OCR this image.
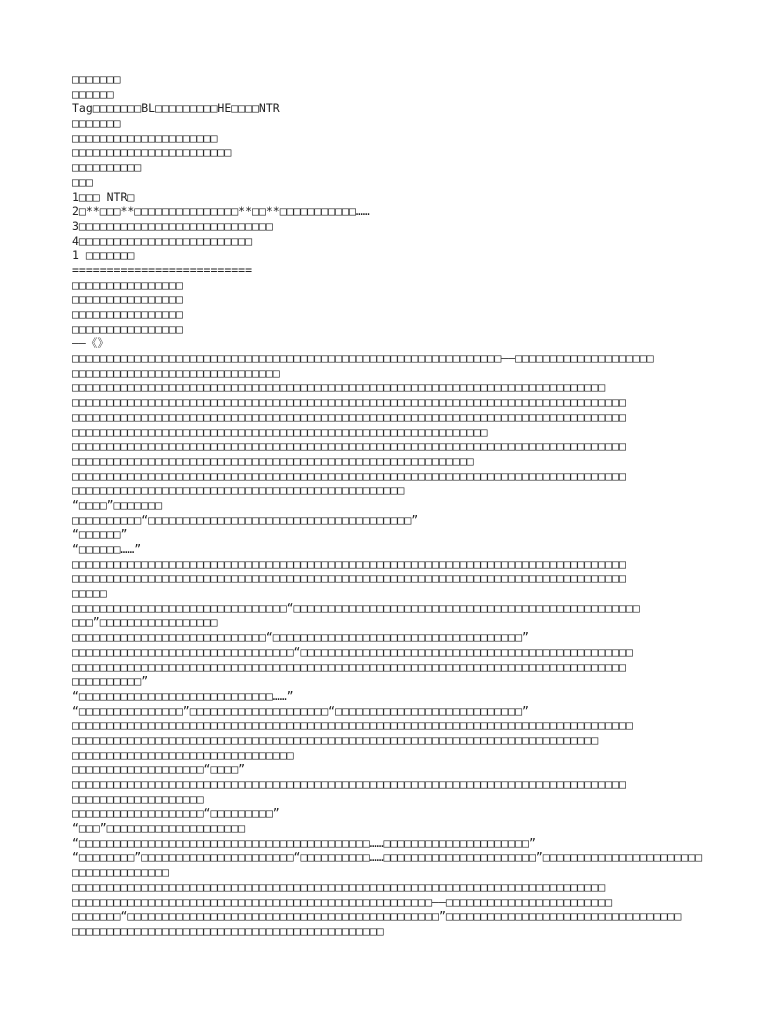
□□□□□□□
□□□□□□
Tag□□□□□□□BL□□□□□□□□□HE□□□□NTR
□□□□□□□
□□□□□□□□□□□□□□□□□□□□□
□□□□□□□□□□□□□□□□□□□□□□□
□□□□□□□□□□
□□□
1□□□ NTR□
2□**□□□**□□□□□□□□□□□□□□□**□□**□□□□□□□□□□□……
3□□□□□□□□□□□□□□□□□□□□□□□□□□□□
4□□□□□□□□□□□□□□□□□□□□□□□□□
1 □□□□□□□
==========================
□□□□□□□□□□□□□□□□
□□□□□□□□□□□□□□□□
□□□□□□□□□□□□□□□□
□□□□□□□□□□□□□□□□
——《》
□□□□□□□□□□□□□□□□□□□□□□□□□□□□□□□□□□□□□□□□□□□□□□□□□□□□□□□□□□□□□□——□□□□□□□□□□□□□□□□□□□□
□□□□□□□□□□□□□□□□□□□□□□□□□□□□□□
□□□□□□□□□□□□□□□□□□□□□□□□□□□□□□□□□□□□□□□□□□□□□□□□□□□□□□□□□□□□□□□□□□□□□□□□□□□□□
□□□□□□□□□□□□□□□□□□□□□□□□□□□□□□□□□□□□□□□□□□□□□□□□□□□□□□□□□□□□□□□□□□□□□□□□□□□□□□□□
□□□□□□□□□□□□□□□□□□□□□□□□□□□□□□□□□□□□□□□□□□□□□□□□□□□□□□□□□□□□□□□□□□□□□□□□□□□□□□□□
□□□□□□□□□□□□□□□□□□□□□□□□□□□□□□□□□□□□□□□□□□□□□□□□□□□□□□□□□□□□
□□□□□□□□□□□□□□□□□□□□□□□□□□□□□□□□□□□□□□□□□□□□□□□□□□□□□□□□□□□□□□□□□□□□□□□□□□□□□□□□
□□□□□□□□□□□□□□□□□□□□□□□□□□□□□□□□□□□□□□□□□□□□□□□□□□□□□□□□□□
□□□□□□□□□□□□□□□□□□□□□□□□□□□□□□□□□□□□□□□□□□□□□□□□□□□□□□□□□□□□□□□□□□□□□□□□□□□□□□□□
□□□□□□□□□□□□□□□□□□□□□□□□□□□□□□□□□□□□□□□□□□□□□□□□
“□□□□”□□□□□□□
□□□□□□□□□□“□□□□□□□□□□□□□□□□□□□□□□□□□□□□□□□□□□□□□□”
“□□□□□□”
“□□□□□□……”
□□□□□□□□□□□□□□□□□□□□□□□□□□□□□□□□□□□□□□□□□□□□□□□□□□□□□□□□□□□□□□□□□□□□□□□□□□□□□□□□
□□□□□□□□□□□□□□□□□□□□□□□□□□□□□□□□□□□□□□□□□□□□□□□□□□□□□□□□□□□□□□□□□□□□□□□□□□□□□□□□
□□□□□
□□□□□□□□□□□□□□□□□□□□□□□□□□□□□□□“□□□□□□□□□□□□□□□□□□□□□□□□□□□□□□□□□□□□□□□□□□□□□□□□□□
□□□”□□□□□□□□□□□□□□□□□
□□□□□□□□□□□□□□□□□□□□□□□□□□□□“□□□□□□□□□□□□□□□□□□□□□□□□□□□□□□□□□□□□”
□□□□□□□□□□□□□□□□□□□□□□□□□□□□□□□□“□□□□□□□□□□□□□□□□□□□□□□□□□□□□□□□□□□□□□□□□□□□□□□□□
□□□□□□□□□□□□□□□□□□□□□□□□□□□□□□□□□□□□□□□□□□□□□□□□□□□□□□□□□□□□□□□□□□□□□□□□□□□□□□□□
□□□□□□□□□□”
“□□□□□□□□□□□□□□□□□□□□□□□□□□□□……”
“□□□□□□□□□□□□□□□”□□□□□□□□□□□□□□□□□□□□“□□□□□□□□□□□□□□□□□□□□□□□□□□□”
□□□□□□□□□□□□□□□□□□□□□□□□□□□□□□□□□□□□□□□□□□□□□□□□□□□□□□□□□□□□□□□□□□□□□□□□□□□□□□□□□
□□□□□□□□□□□□□□□□□□□□□□□□□□□□□□□□□□□□□□□□□□□□□□□□□□□□□□□□□□□□□□□□□□□□□□□□□□□□
□□□□□□□□□□□□□□□□□□□□□□□□□□□□□□□□
□□□□□□□□□□□□□□□□□□□“□□□□”
□□□□□□□□□□□□□□□□□□□□□□□□□□□□□□□□□□□□□□□□□□□□□□□□□□□□□□□□□□□□□□□□□□□□□□□□□□□□□□□□
□□□□□□□□□□□□□□□□□□□
□□□□□□□□□□□□□□□□□□□“□□□□□□□□□”
“□□□”□□□□□□□□□□□□□□□□□□□□
“□□□□□□□□□□□□□□□□□□□□□□□□□□□□□□□□□□□□□□□□□□……□□□□□□□□□□□□□□□□□□□□□”
“□□□□□□□□”□□□□□□□□□□□□□□□□□□□□□□“□□□□□□□□□□……□□□□□□□□□□□□□□□□□□□□□□”□□□□□□□□□□□□□□□□□□□□□□□
□□□□□□□□□□□□□□
□□□□□□□□□□□□□□□□□□□□□□□□□□□□□□□□□□□□□□□□□□□□□□□□□□□□□□□□□□□□□□□□□□□□□□□□□□□□□
□□□□□□□□□□□□□□□□□□□□□□□□□□□□□□□□□□□□□□□□□□□□□□□□□□□□——□□□□□□□□□□□□□□□□□□□□□□□□
□□□□□□□“□□□□□□□□□□□□□□□□□□□□□□□□□□□□□□□□□□□□□□□□□□□□□”□□□□□□□□□□□□□□□□□□□□□□□□□□□□□□□□□□
□□□□□□□□□□□□□□□□□□□□□□□□□□□□□□□□□□□□□□□□□□□□□
